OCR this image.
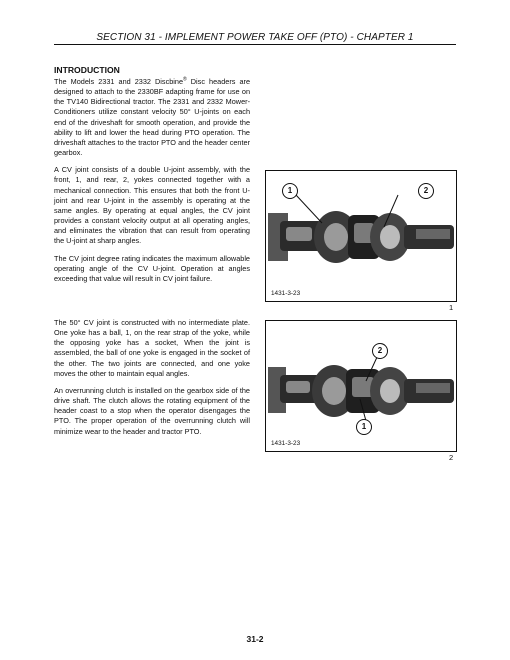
SECTION 31 - IMPLEMENT POWER TAKE OFF (PTO) - CHAPTER 1
INTRODUCTION

The Models 2331 and 2332 Discbine® Disc headers are designed to attach to the 2330BF adapting frame for use on the TV140 Bidirectional tractor. The 2331 and 2332 Mower-Conditioners utilize constant velocity 50° U-joints on each end of the driveshaft for smooth operation, and provide the ability to lift and lower the head during PTO operation. The driveshaft attaches to the tractor PTO and the header center gearbox.

A CV joint consists of a double U-joint assembly, with the front, 1, and rear, 2, yokes connected together with a mechanical connection. This ensures that both the front U-joint and rear U-joint in the assembly is operating at the same angles. By operating at equal angles, the CV joint provides a constant velocity output at all operating angles, and eliminates the vibration that can result from operating the U-joint at sharp angles.

The CV joint degree rating indicates the maximum allowable operating angle of the CV U-joint. Operation at angles exceeding that value will result in CV joint failure.

The 50° CV joint is constructed with no intermediate plate. One yoke has a ball, 1, on the rear strap of the yoke, while the opposing yoke has a socket, When the joint is assembled, the ball of one yoke is engaged in the socket of the other. The two joints are connected, and one yoke moves the other to maintain equal angles.

An overrunning clutch is installed on the gearbox side of the drive shaft. The clutch allows the rotating equipment of the header coast to a stop when the operator disengages the PTO. The proper operation of the overrunning clutch will minimize wear to the header and tractor PTO.

1	2
1431-3-23
1
2
1
1431-3-23
2
31-2
